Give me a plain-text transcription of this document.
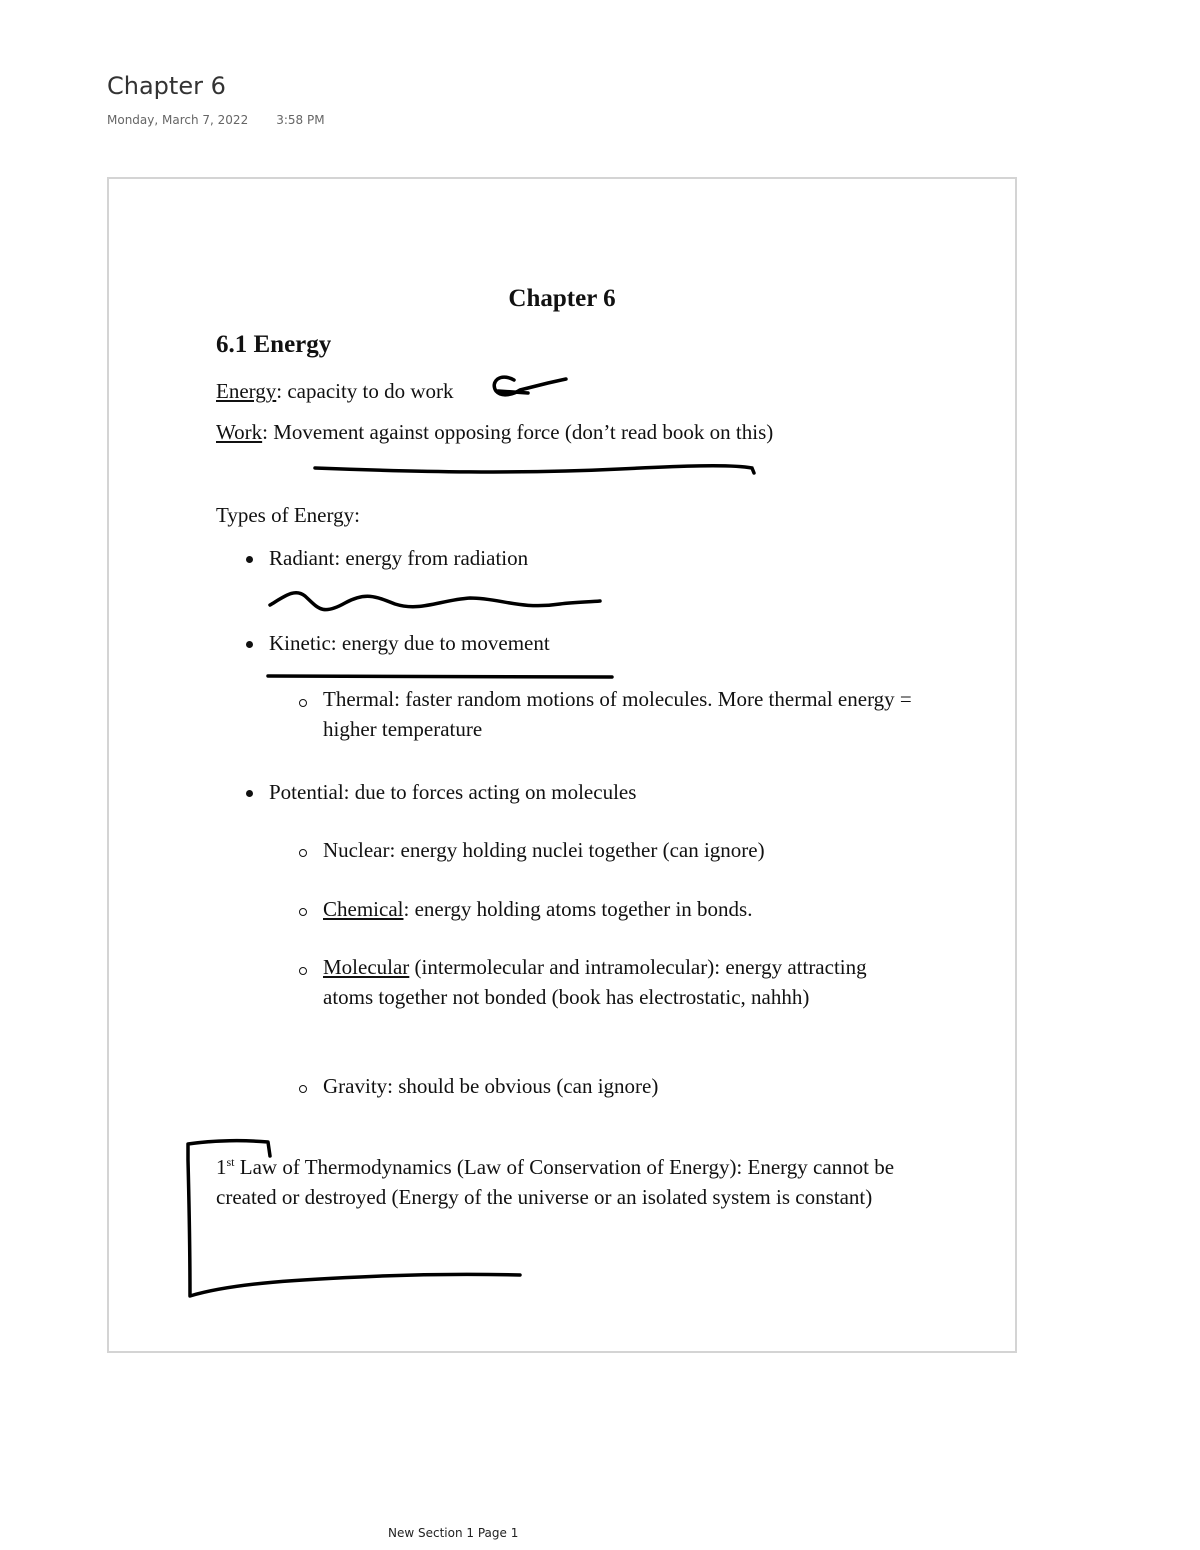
Chapter 6
Monday, March 7, 2022 3:58 PM
Chapter 6
6.1 Energy
Energy: capacity to do work
Work: Movement against opposing force (don’t read book on this)
Types of Energy:
Radiant: energy from radiation
Kinetic: energy due to movement
Thermal: faster random motions of molecules. More thermal energy = higher temperature
Potential: due to forces acting on molecules
Nuclear: energy holding nuclei together (can ignore)
Chemical: energy holding atoms together in bonds.
Molecular (intermolecular and intramolecular): energy attracting atoms together not bonded (book has electrostatic, nahhh)
Gravity: should be obvious (can ignore)
1st Law of Thermodynamics (Law of Conservation of Energy): Energy cannot be created or destroyed (Energy of the universe or an isolated system is constant)
New Section 1 Page 1
